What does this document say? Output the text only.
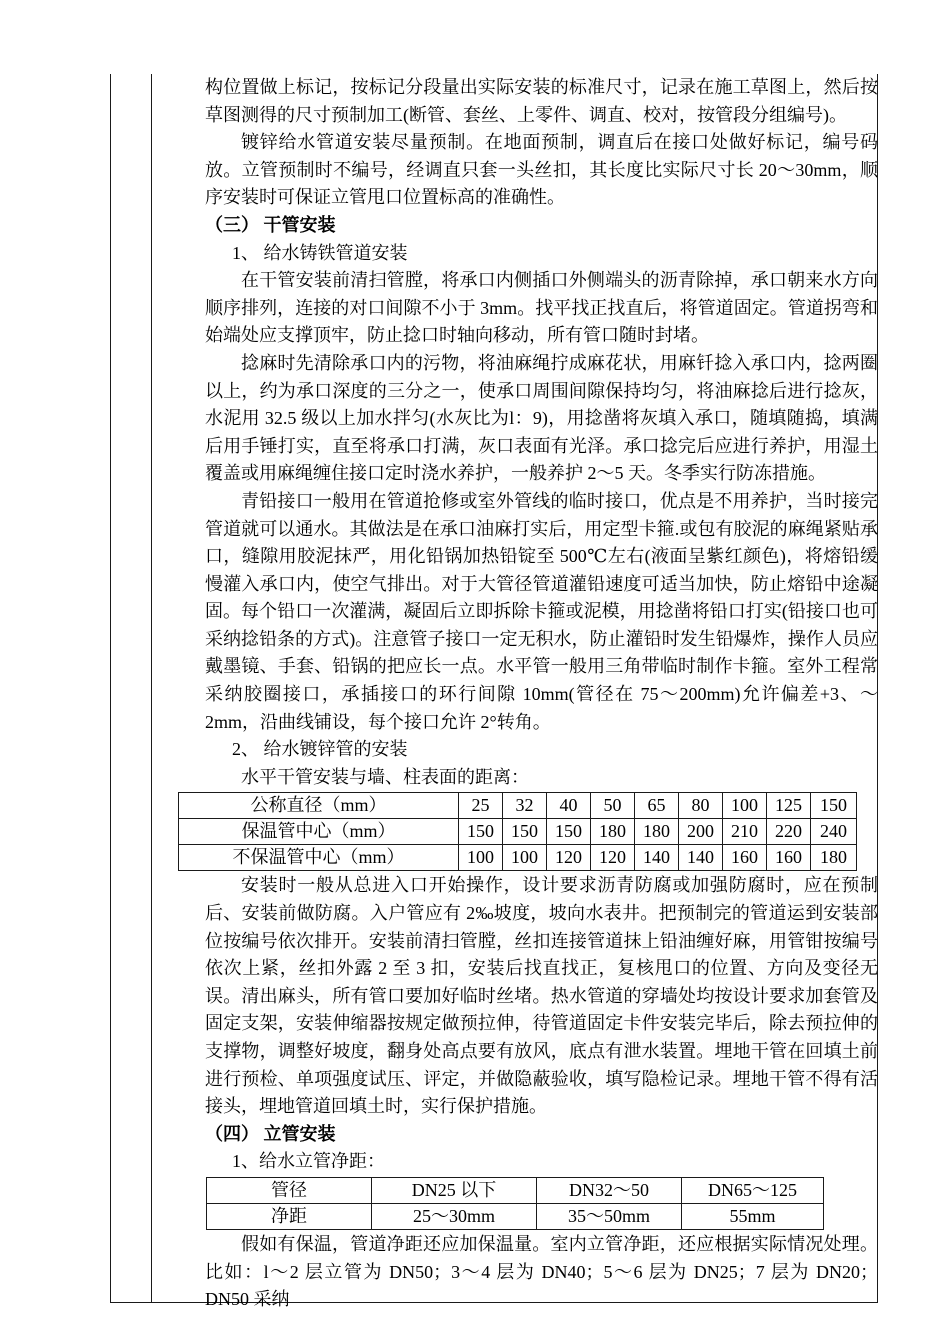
构位置做上标记，按标记分段量出实际安装的标准尺寸，记录在施工草图上，然后按草图测得的尺寸预制加工(断管、套丝、上零件、调直、校对，按管段分组编号)。

镀锌给水管道安装尽量预制。在地面预制，调直后在接口处做好标记，编号码放。立管预制时不编号，经调直只套一头丝扣，其长度比实际尺寸长 20～30mm，顺序安装时可保证立管甩口位置标高的准确性。

（三） 干管安装

1、 给水铸铁管道安装

在干管安装前清扫管膛，将承口内侧插口外侧端头的沥青除掉，承口朝来水方向顺序排列，连接的对口间隙不小于 3mm。找平找正找直后，将管道固定。管道拐弯和始端处应支撑顶牢，防止捻口时轴向移动，所有管口随时封堵。

捻麻时先清除承口内的污物，将油麻绳拧成麻花状，用麻钎捻入承口内，捻两圈以上，约为承口深度的三分之一，使承口周围间隙保持均匀，将油麻捻后进行捻灰，水泥用 32.5 级以上加水拌匀(水灰比为l：9)，用捻凿将灰填入承口，随填随捣，填满后用手锤打实，直至将承口打满，灰口表面有光泽。承口捻完后应进行养护，用湿土覆盖或用麻绳缠住接口定时浇水养护，一般养护 2～5 天。冬季实行防冻措施。

青铅接口一般用在管道抢修或室外管线的临时接口，优点是不用养护，当时接完管道就可以通水。其做法是在承口油麻打实后，用定型卡箍.或包有胶泥的麻绳紧贴承口，缝隙用胶泥抹严，用化铅锅加热铅锭至 500℃左右(液面呈紫红颜色)，将熔铅缓慢灌入承口内，使空气排出。对于大管径管道灌铅速度可适当加快，防止熔铅中途凝固。每个铅口一次灌满，凝固后立即拆除卡箍或泥模，用捻凿将铅口打实(铅接口也可采纳捻铅条的方式)。注意管子接口一定无积水，防止灌铅时发生铅爆炸，操作人员应戴墨镜、手套、铅锅的把应长一点。水平管一般用三角带临时制作卡箍。室外工程常采纳胶圈接口，承插接口的环行间隙 10mm(管径在 75～200mm)允许偏差+3、～2mm，沿曲线铺设，每个接口允许 2°转角。

2、 给水镀锌管的安装

水平干管安装与墙、柱表面的距离：

公称直径（mm）	25	32	40	50	65	80	100	125	150
保温管中心（mm）	150	150	150	180	180	200	210	220	240
不保温管中心（mm）	100	100	120	120	140	140	160	160	180

安装时一般从总进入口开始操作，设计要求沥青防腐或加强防腐时，应在预制后、安装前做防腐。入户管应有 2‰坡度，坡向水表井。把预制完的管道运到安装部位按编号依次排开。安装前清扫管膛，丝扣连接管道抹上铅油缠好麻，用管钳按编号依次上紧，丝扣外露 2 至 3 扣，安装后找直找正，复核甩口的位置、方向及变径无误。清出麻头，所有管口要加好临时丝堵。热水管道的穿墙处均按设计要求加套管及固定支架，安装伸缩器按规定做预拉伸，待管道固定卡件安装完毕后，除去预拉伸的支撑物，调整好坡度，翻身处高点要有放风，底点有泄水装置。埋地干管在回填土前进行预检、单项强度试压、评定，并做隐蔽验收，填写隐检记录。埋地干管不得有活接头，埋地管道回填土时，实行保护措施。

（四） 立管安装

1、给水立管净距：

管径	DN25 以下	DN32～50	DN65～125
净距	25～30mm	35～50mm	55mm

假如有保温，管道净距还应加保温量。室内立管净距，还应根据实际情况处理。比如：l～2 层立管为 DN50；3～4 层为 DN40；5～6 层为 DN25；7 层为 DN20；DN50 采纳
